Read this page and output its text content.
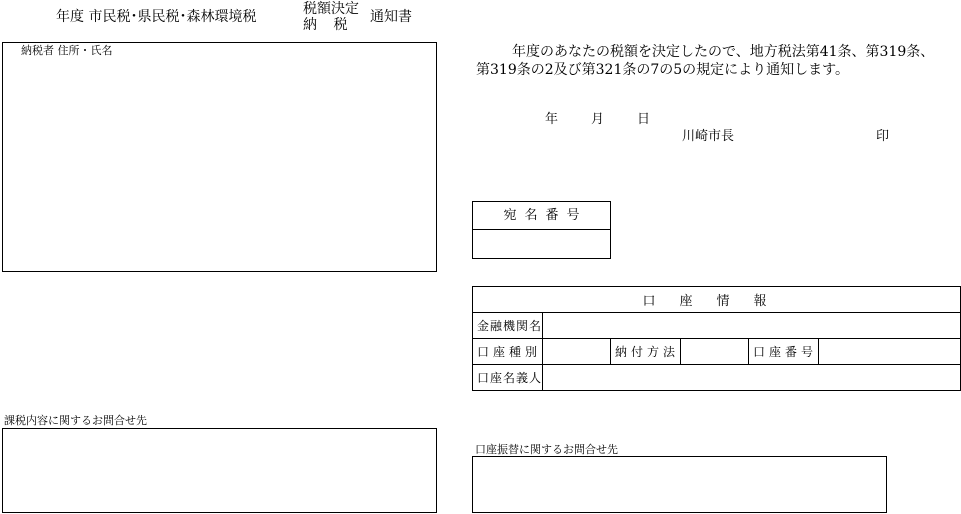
年度 市民税･県民税･森林環境税	税額決定
納 税 通知書
納税者 住所・氏名	年度のあなたの税額を決定したので、地方税法第41条、第319条、
第319条の2及び第321条の7の5の規定により通知します。
年	月	日
川崎市長	印
宛名番号
口座情報					
金融機関名					
口座種別		納付方法		口座番号	
口座名義人					
課税内容に関するお問合せ先
口座振替に関するお問合せ先
